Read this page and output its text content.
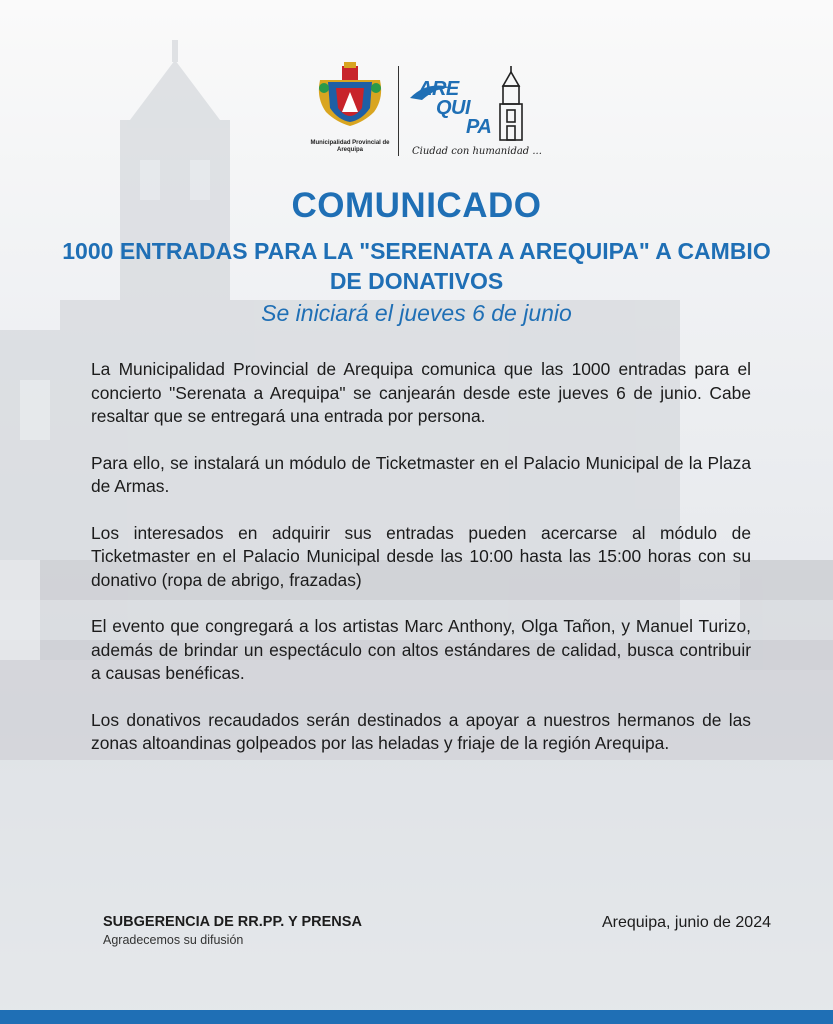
Municipalidad Provincial de Arequipa
ARE
QUI
PA
Ciudad con humanidad ...
COMUNICADO
1000 ENTRADAS PARA LA "SERENATA A AREQUIPA" A CAMBIO DE DONATIVOS
Se iniciará el jueves 6 de junio

La Municipalidad Provincial de Arequipa comunica que las 1000 entradas para el concierto "Serenata a Arequipa" se canjearán desde este jueves 6 de junio. Cabe resaltar que se entregará una entrada por persona.

Para ello, se instalará un módulo de Ticketmaster en el Palacio Municipal de la Plaza de Armas.

Los interesados en adquirir sus entradas pueden acercarse al módulo de Ticketmaster en el Palacio Municipal desde las 10:00 hasta las 15:00 horas con su donativo (ropa de abrigo, frazadas)

El evento que congregará a los artistas Marc Anthony, Olga Tañon, y Manuel Turizo, además de brindar un espectáculo con altos estándares de calidad, busca contribuir a causas benéficas.

Los donativos recaudados serán destinados a apoyar a nuestros hermanos de las zonas altoandinas golpeados por las heladas y friaje de la región Arequipa.

SUBGERENCIA DE RR.PP. Y PRENSA
Agradecemos su difusión
Arequipa, junio de 2024
